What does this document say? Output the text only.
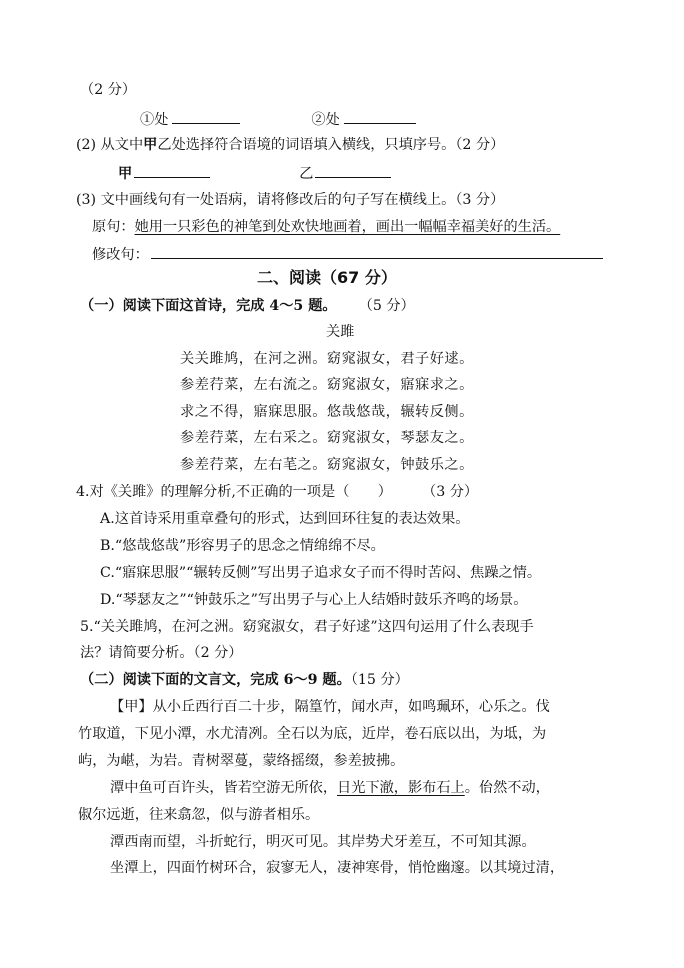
（2 分）
①处	②处
(2) 从文中甲乙处选择符合语境的词语填入横线，只填序号。（2 分）
甲	乙
(3) 文中画线句有一处语病，请将修改后的句子写在横线上。（3 分）
原句：她用一只彩色的神笔到处欢快地画着，画出一幅幅幸福美好的生活。
修改句：
二、阅读（67 分）
（一）阅读下面这首诗，完成 4～5 题。 （5 分）
关雎
关关雎鸠，在河之洲。窈窕淑女，君子好逑。
参差荇菜，左右流之。窈窕淑女，寤寐求之。
求之不得，寤寐思服。悠哉悠哉，辗转反侧。
参差荇菜，左右采之。窈窕淑女，琴瑟友之。
参差荇菜，左右芼之。窈窕淑女，钟鼓乐之。
4.对《关雎》的理解分析,不正确的一项是（　　） （3 分）
A.这首诗采用重章叠句的形式，达到回环往复的表达效果。
B.“悠哉悠哉”形容男子的思念之情绵绵不尽。
C.“寤寐思服”“辗转反侧”写出男子追求女子而不得时苦闷、焦躁之情。
D.“琴瑟友之”“钟鼓乐之”写出男子与心上人结婚时鼓乐齐鸣的场景。
5.“关关雎鸠，在河之洲。窈窕淑女，君子好逑”这四句运用了什么表现手
法？请简要分析。（2 分）
（二）阅读下面的文言文，完成 6～9 题。（15 分）
【甲】从小丘西行百二十步，隔篁竹，闻水声，如鸣珮环，心乐之。伐
竹取道，下见小潭，水尤清冽。全石以为底，近岸，卷石底以出，为坻，为
屿，为嵁，为岩。青树翠蔓，蒙络摇缀，参差披拂。
潭中鱼可百许头，皆若空游无所依，日光下澈，影布石上。佁然不动，
俶尔远逝，往来翕忽，似与游者相乐。
潭西南而望，斗折蛇行，明灭可见。其岸势犬牙差互，不可知其源。
坐潭上，四面竹树环合，寂寥无人，凄神寒骨，悄怆幽邃。以其境过清，
